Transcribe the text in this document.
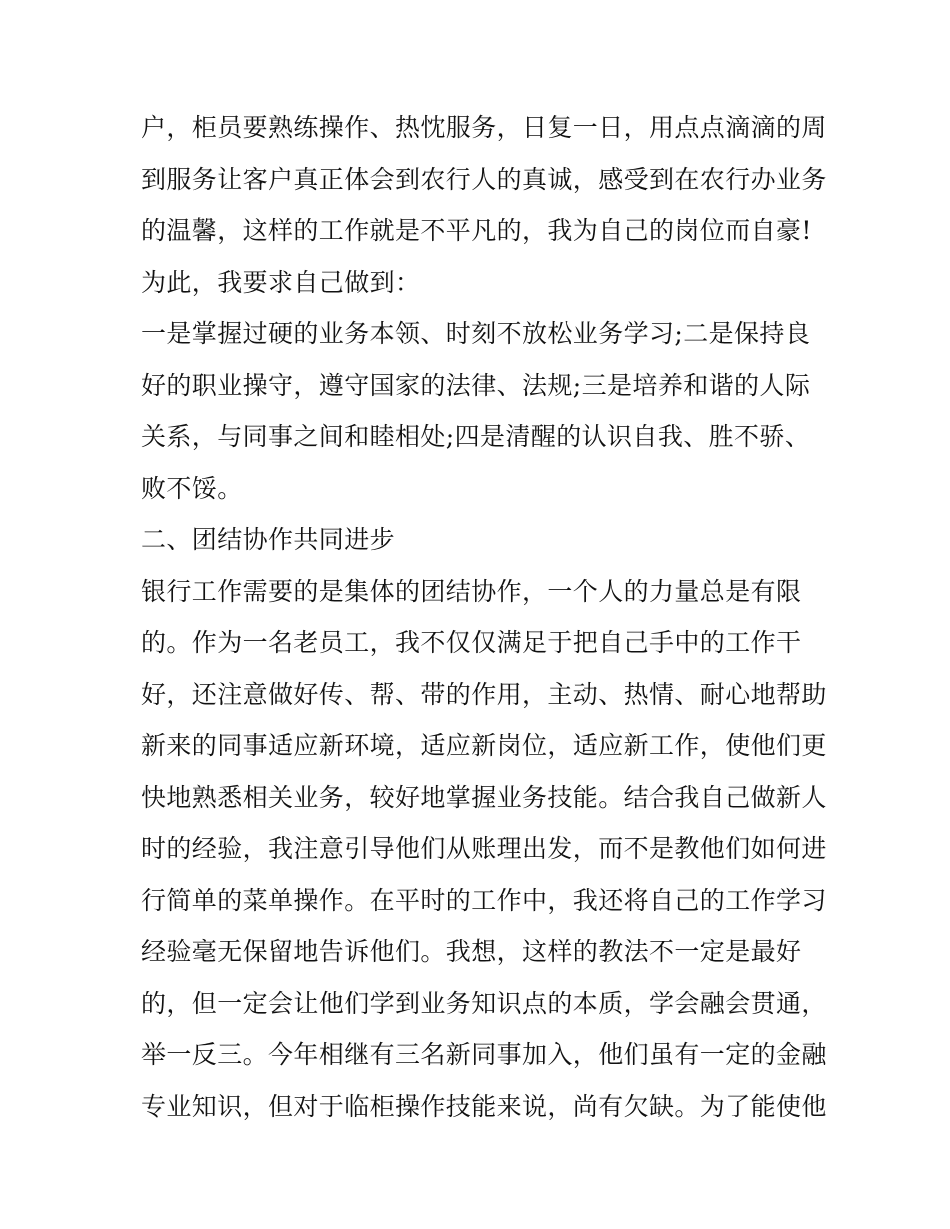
户，柜员要熟练操作、热忱服务，日复一日，用点点滴滴的周
到服务让客户真正体会到农行人的真诚，感受到在农行办业务
的温馨，这样的工作就是不平凡的，我为自己的岗位而自豪!
为此，我要求自己做到：
一是掌握过硬的业务本领、时刻不放松业务学习;二是保持良
好的职业操守，遵守国家的法律、法规;三是培养和谐的人际
关系，与同事之间和睦相处;四是清醒的认识自我、胜不骄、
败不馁。
二、团结协作共同进步
银行工作需要的是集体的团结协作，一个人的力量总是有限
的。作为一名老员工，我不仅仅满足于把自己手中的工作干
好，还注意做好传、帮、带的作用，主动、热情、耐心地帮助
新来的同事适应新环境，适应新岗位，适应新工作，使他们更
快地熟悉相关业务，较好地掌握业务技能。结合我自己做新人
时的经验，我注意引导他们从账理出发，而不是教他们如何进
行简单的菜单操作。在平时的工作中，我还将自己的工作学习
经验毫无保留地告诉他们。我想，这样的教法不一定是最好
的，但一定会让他们学到业务知识点的本质，学会融会贯通，
举一反三。今年相继有三名新同事加入，他们虽有一定的金融
专业知识，但对于临柜操作技能来说，尚有欠缺。为了能使他
